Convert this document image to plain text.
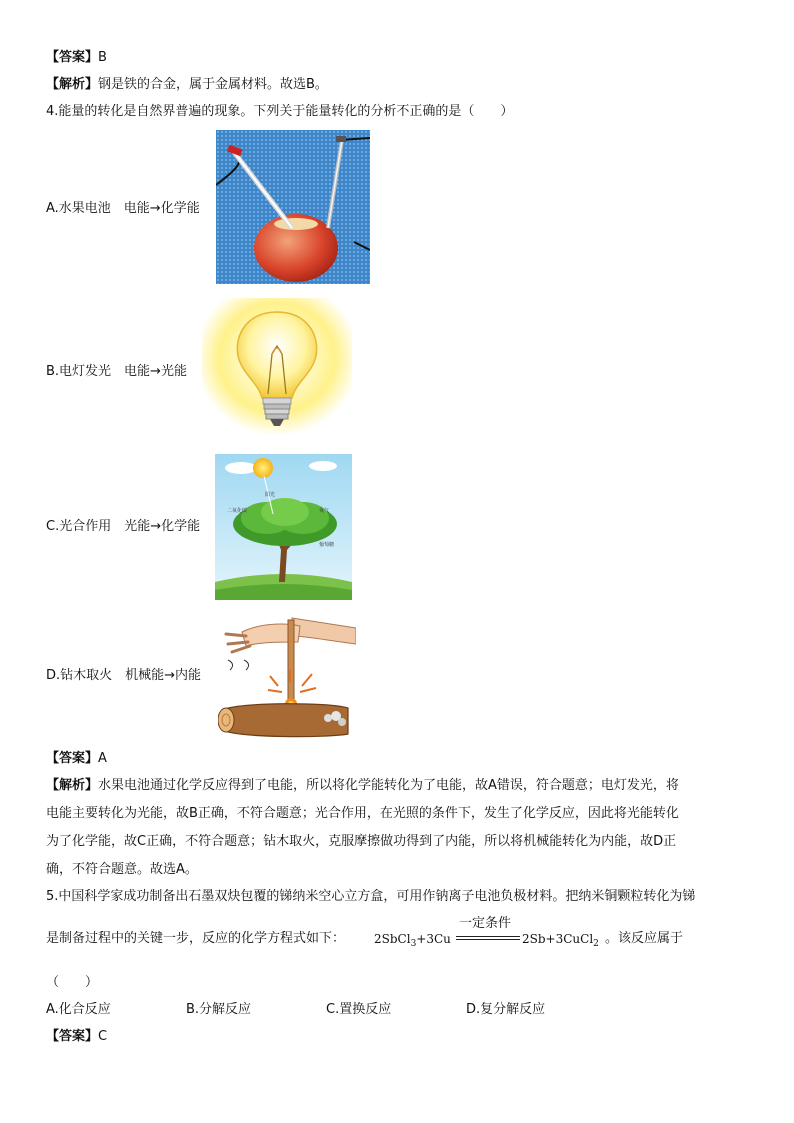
【答案】B
【解析】钢是铁的合金，属于金属材料。故选B。
4.能量的转化是自然界普遍的现象。下列关于能量转化的分析不正确的是（　　）
A.水果电池　电能→化学能
B.电灯发光　电能→光能
C.光合作用　光能→化学能
阳光
二氧化碳	氧气
葡萄糖
D.钻木取火　机械能→内能
【答案】A
【解析】水果电池通过化学反应得到了电能，所以将化学能转化为了电能，故A错误，符合题意；电灯发光，将
电能主要转化为光能，故B正确，不符合题意；光合作用，在光照的条件下，发生了化学反应，因此将光能转化
为了化学能，故C正确，不符合题意；钻木取火，克服摩擦做功得到了内能，所以将机械能转化为内能，故D正
确，不符合题意。故选A。
5.中国科学家成功制备出石墨双炔包覆的锑纳米空心立方盒，可用作钠离子电池负极材料。把纳米铜颗粒转化为锑
是制备过程中的关键一步，反应的化学方程式如下： 2SbCl$_3$+3Cu
一定条件
2Sb+3CuCl$_2$ 。该反应属于
（　　）
A.化合反应	B.分解反应	C.置换反应	D.复分解反应
【答案】C
